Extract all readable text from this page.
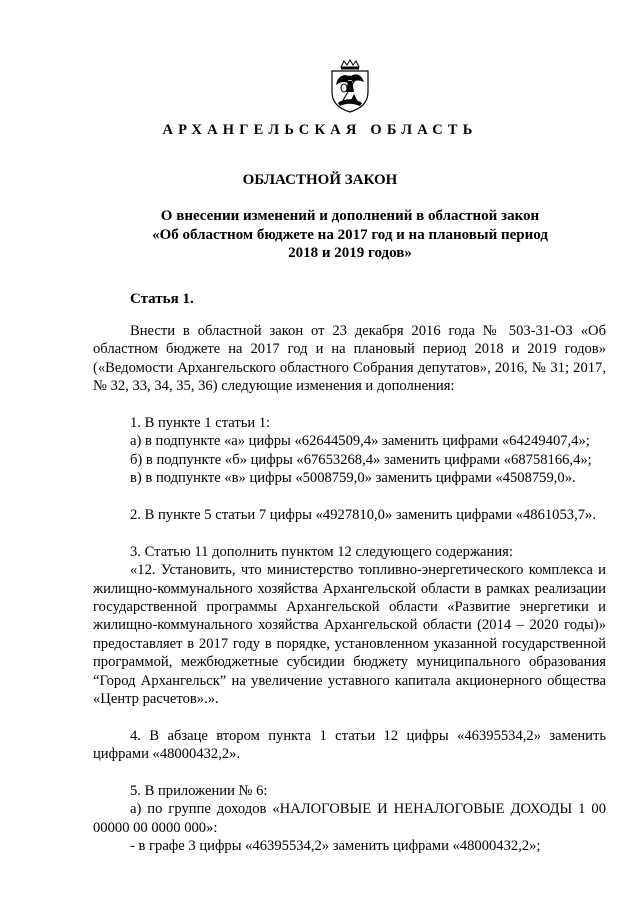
АРХАНГЕЛЬСКАЯ ОБЛАСТЬ
ОБЛАСТНОЙ ЗАКОН
О внесении изменений и дополнений в областной закон
«Об областном бюджете на 2017 год и на плановый период
2018 и 2019 годов»
Статья 1.

Внести в областной закон от 23 декабря 2016 года № 503-31-ОЗ «Об областном бюджете на 2017 год и на плановый период 2018 и 2019 годов» («Ведомости Архангельского областного Собрания депутатов», 2016, № 31; 2017, № 32, 33, 34, 35, 36) следующие изменения и дополнения:

1. В пункте 1 статьи 1:

а) в подпункте «а» цифры «62644509,4» заменить цифрами «64249407,4»;

б) в подпункте «б» цифры «67653268,4» заменить цифрами «68758166,4»;

в) в подпункте «в» цифры «5008759,0» заменить цифрами «4508759,0».

2. В пункте 5 статьи 7 цифры «4927810,0» заменить цифрами «4861053,7».

3. Статью 11 дополнить пунктом 12 следующего содержания:

«12. Установить, что министерство топливно-энергетического комплекса и жилищно-коммунального хозяйства Архангельской области в рамках реализации государственной программы Архангельской области «Развитие энергетики и жилищно-коммунального хозяйства Архангельской области (2014 – 2020 годы)» предоставляет в 2017 году в порядке, установленном указанной государственной программой, межбюджетные субсидии бюджету муниципального образования “Город Архангельск” на увеличение уставного капитала акционерного общества «Центр расчетов».».

4. В абзаце втором пункта 1 статьи 12 цифры «46395534,2» заменить цифрами «48000432,2».

5. В приложении № 6:

а) по группе доходов «НАЛОГОВЫЕ И НЕНАЛОГОВЫЕ ДОХОДЫ 1 00 00000 00 0000 000»:

- в графе 3 цифры «46395534,2» заменить цифрами «48000432,2»;
